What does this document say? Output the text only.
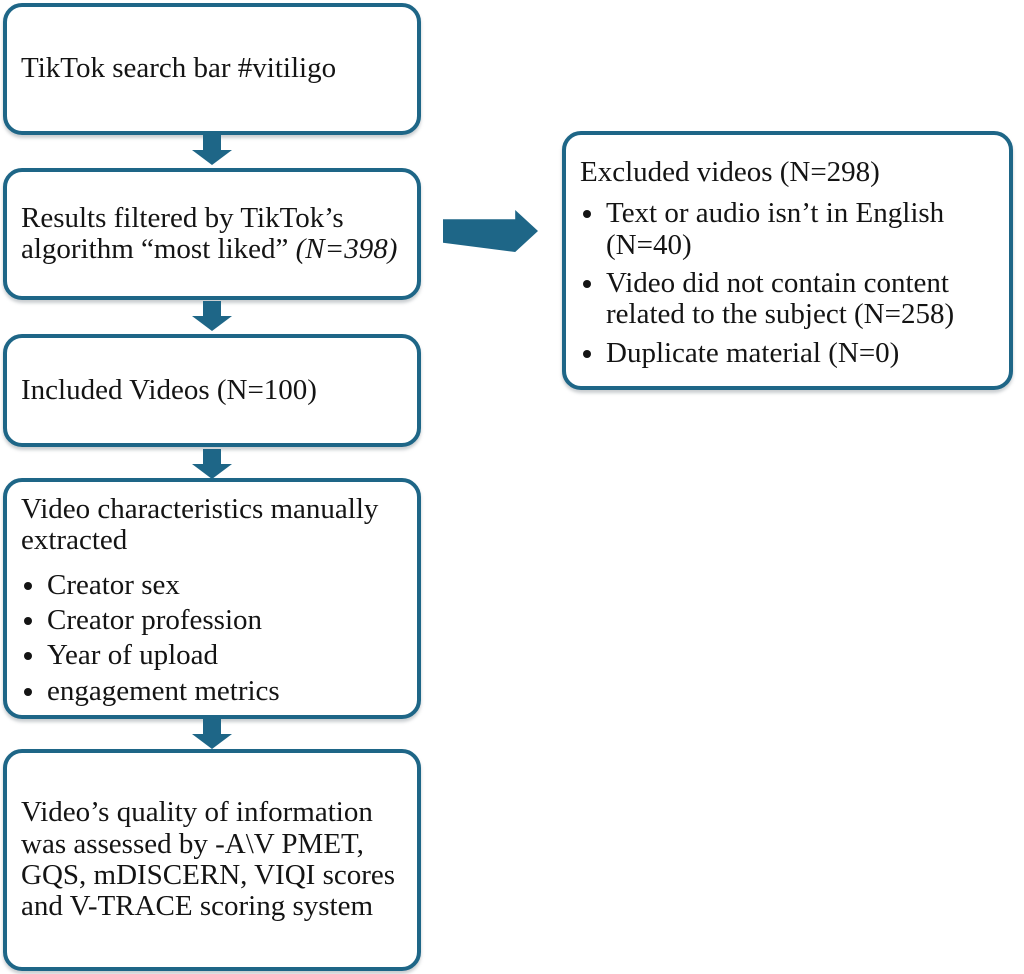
TikTok search bar #vitiligo
Results filtered by TikTok’s algorithm “most liked” (N=398)
Excluded videos (N=298)
• Text or audio isn’t in English (N=40)
• Video did not contain content related to the subject (N=258)
• Duplicate material (N=0)
Included Videos (N=100)
Video characteristics manually extracted
• Creator sex
• Creator profession
• Year of upload
• engagement metrics
Video’s quality of information was assessed by -A\V PMET, GQS, mDISCERN, VIQI scores and V-TRACE scoring system
